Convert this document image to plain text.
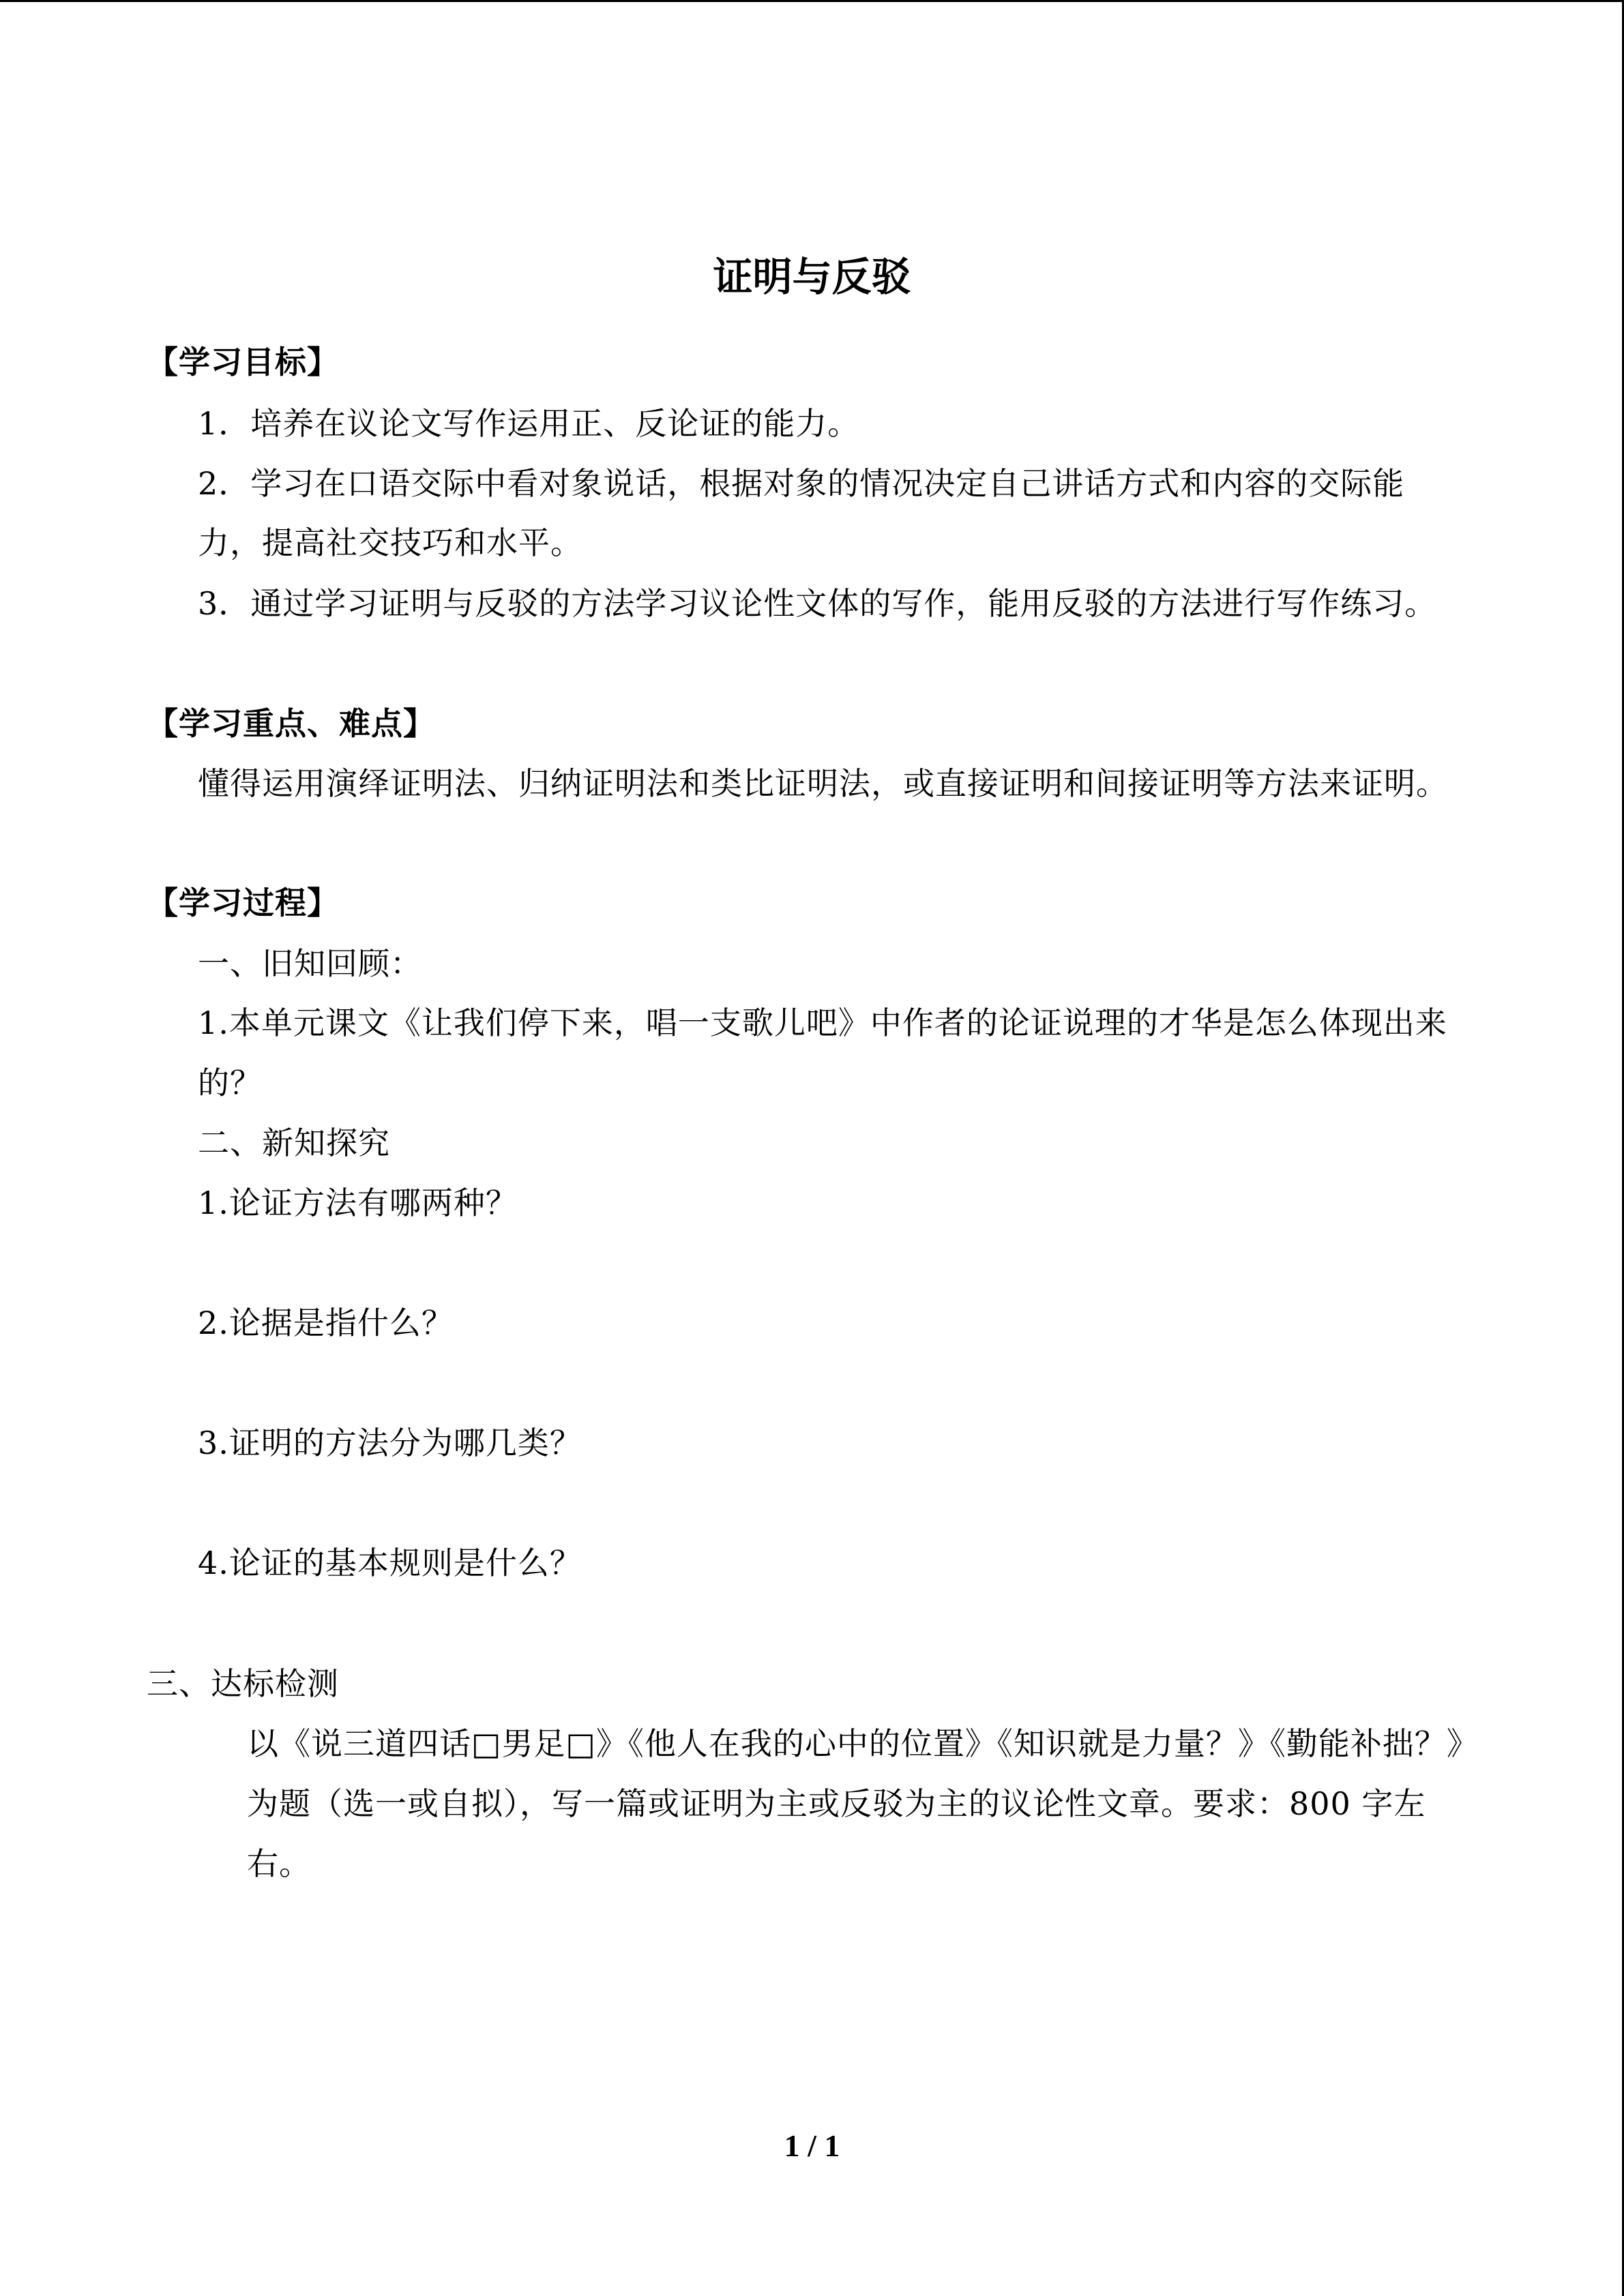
证明与反驳
【学习目标】
1．培养在议论文写作运用正、反论证的能力。
2．学习在口语交际中看对象说话，根据对象的情况决定自己讲话方式和内容的交际能
力，提高社交技巧和水平。
3．通过学习证明与反驳的方法学习议论性文体的写作，能用反驳的方法进行写作练习。
【学习重点、难点】
懂得运用演绎证明法、归纳证明法和类比证明法，或直接证明和间接证明等方法来证明。
【学习过程】
一、旧知回顾：
1.本单元课文《让我们停下来，唱一支歌儿吧》中作者的论证说理的才华是怎么体现出来
的？
二、新知探究
1.论证方法有哪两种？
2.论据是指什么？
3.证明的方法分为哪几类？
4.论证的基本规则是什么？
三、达标检测
以《说三道四话□男足□》《他人在我的心中的位置》《知识就是力量？》《勤能补拙？》
为题（选一或自拟），写一篇或证明为主或反驳为主的议论性文章。要求：800 字左
右。
1 / 1
